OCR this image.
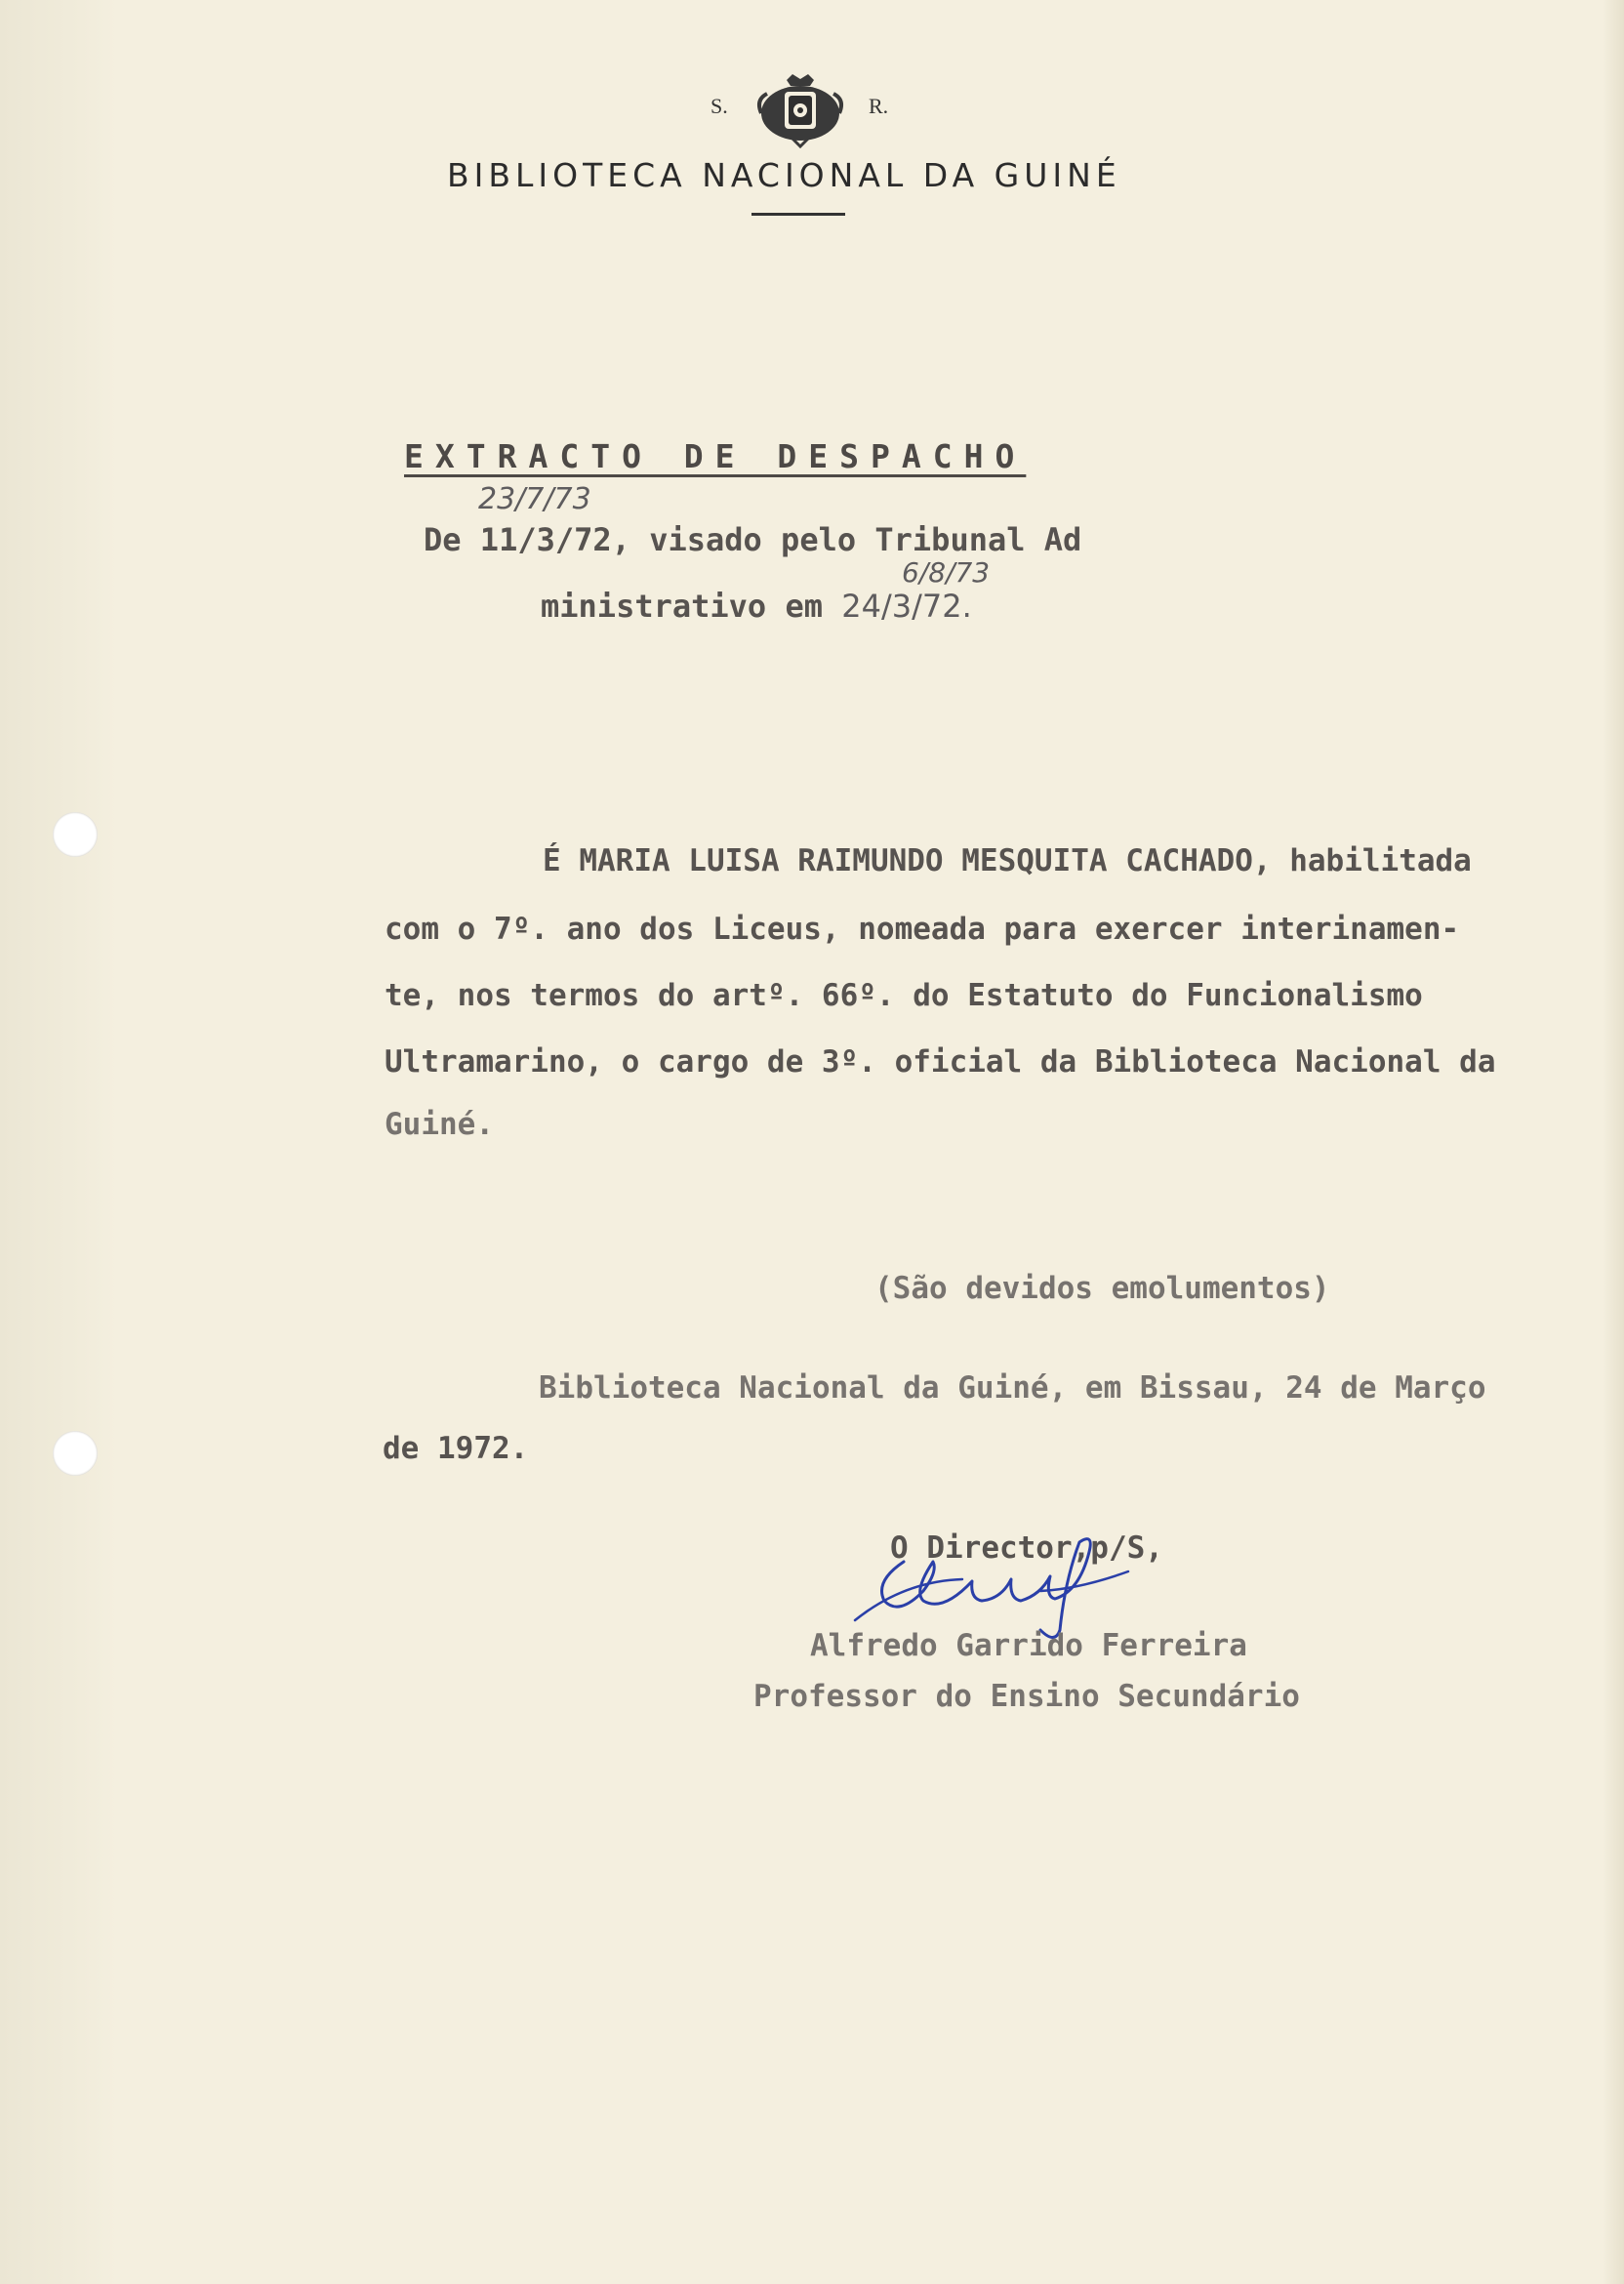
S.	R.
BIBLIOTECA NACIONAL DA GUINÉ
EXTRACTO DE DESPACHO
23/7/73
De 11/3/72, visado pelo Tribunal Ad
6/8/73
ministrativo em 24/3/72.
É MARIA LUISA RAIMUNDO MESQUITA CACHADO, habilitada
com o 7º. ano dos Liceus, nomeada para exercer interinamen-
te, nos termos do artº. 66º. do Estatuto do Funcionalismo
Ultramarino, o cargo de 3º. oficial da Biblioteca Nacional da
Guiné.
(São devidos emolumentos)
Biblioteca Nacional da Guiné, em Bissau, 24 de Março
de 1972.
O Director,p/S,
Alfredo Garrido Ferreira
Professor do Ensino Secundário
